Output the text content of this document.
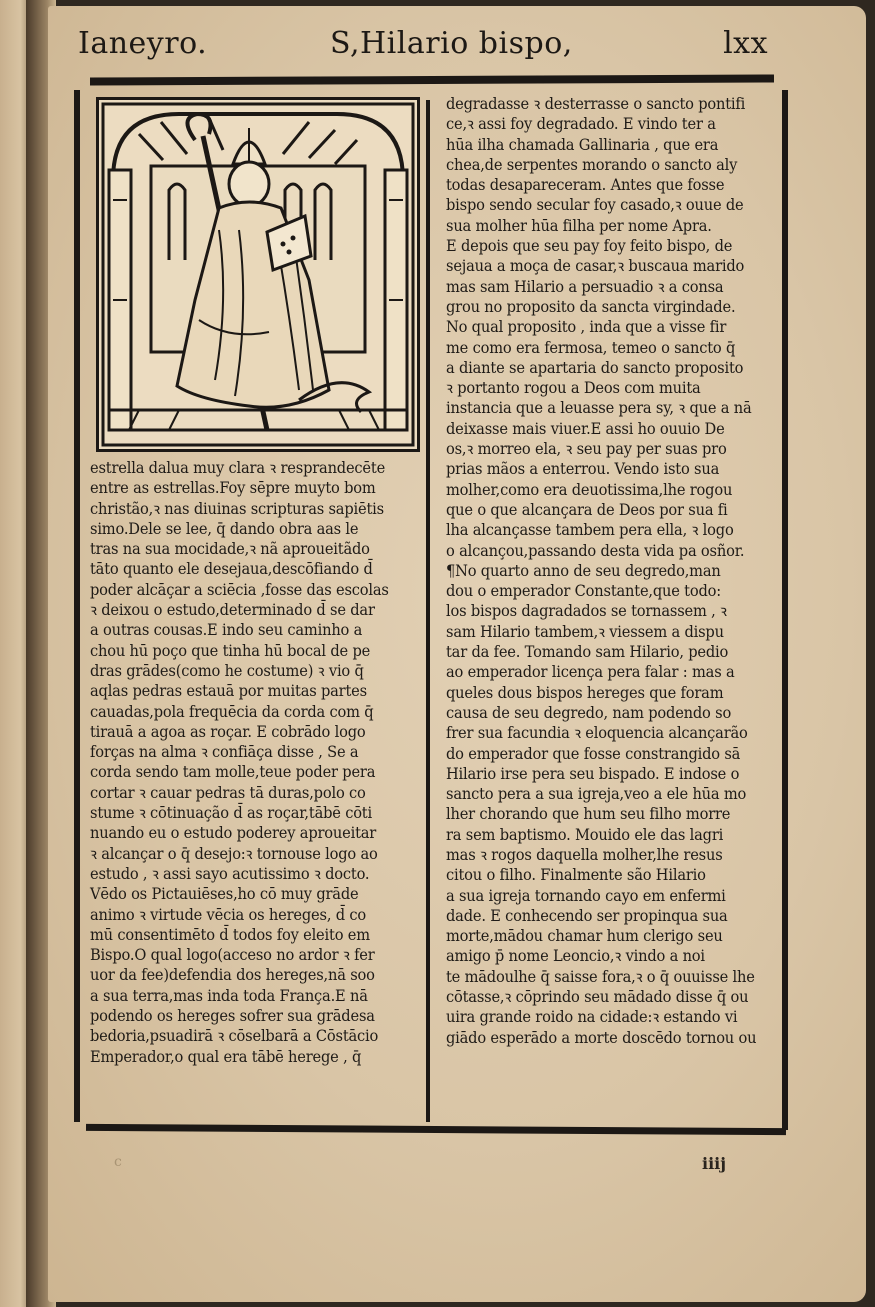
Ianeyro.	S,Hilario bispo,	lxx
estrella dalua muy clara ꝛ resprandecēte
entre as estrellas.Foy sēpre muyto bom
christão,ꝛ nas diuinas scripturas sapiētis
simo.Dele se lee, q̄ dando obra aas le
tras na sua mocidade,ꝛ nã aproueitãdo
tāto quanto ele desejaua,descōfiando d̄
poder alcāçar a sciēcia ,fosse das escolas
ꝛ deixou o estudo,determinado d̄ se dar
a outras cousas.E indo seu caminho a
chou hū poço que tinha hū bocal de pe
dras grādes(como he costume) ꝛ vio q̄
aqlas pedras estauā por muitas partes
cauadas,pola frequēcia da corda com q̄
tirauā a agoa as roçar. E cobrādo logo
forças na alma ꝛ confiāça disse , Se a
corda sendo tam molle,teue poder pera
cortar ꝛ cauar pedras tā duras,polo co
stume ꝛ cōtinuação d̄ as roçar,tābē cōti
nuando eu o estudo poderey aproueitar
ꝛ alcançar o q̄ desejo:ꝛ tornouse logo ao
estudo , ꝛ assi sayo acutissimo ꝛ docto.
Vēdo os Pictauiēses,ho cō muy grāde
animo ꝛ virtude vēcia os hereges, d̄ co
mū consentimēto d̄ todos foy eleito em
Bispo.O qual logo(acceso no ardor ꝛ fer
uor da fee)defendia dos hereges,nā soo
a sua terra,mas inda toda França.E nā
podendo os hereges sofrer sua grādesa
bedoria,psuadirā ꝛ cōselbarā a Cōstācio
Emperador,o qual era tābē herege , q̄
degradasse ꝛ desterrasse o sancto pontifi
ce,ꝛ assi foy degradado. E vindo ter a
hūa ilha chamada Gallinaria , que era
chea,de serpentes morando o sancto aly
todas desapareceram. Antes que fosse
bispo sendo secular foy casado,ꝛ ouue de
sua molher hūa filha per nome Apra.
E depois que seu pay foy feito bispo, de
sejaua a moça de casar,ꝛ buscaua marido
mas sam Hilario a persuadio ꝛ a consa
grou no proposito da sancta virgindade.
No qual proposito , inda que a visse fir
me como era fermosa, temeo o sancto q̄
a diante se apartaria do sancto proposito
ꝛ portanto rogou a Deos com muita
instancia que a leuasse pera sy, ꝛ que a nā
deixasse mais viuer.E assi ho ouuio De
os,ꝛ morreo ela, ꝛ seu pay per suas pro
prias mãos a enterrou. Vendo isto sua
molher,como era deuotissima,lhe rogou
que o que alcançara de Deos por sua fi
lha alcançasse tambem pera ella, ꝛ logo
o alcançou,passando desta vida pa osñor.
¶No quarto anno de seu degredo,man
dou o emperador Constante,que todo:
los bispos dagradados se tornassem , ꝛ
sam Hilario tambem,ꝛ viessem a dispu
tar da fee. Tomando sam Hilario, pedio
ao emperador licença pera falar : mas a
queles dous bispos hereges que foram
causa de seu degredo, nam podendo so
frer sua facundia ꝛ eloquencia alcançarão
do emperador que fosse constrangido sā
Hilario irse pera seu bispado. E indose o
sancto pera a sua igreja,veo a ele hūa mo
lher chorando que hum seu filho morre
ra sem baptismo. Mouido ele das lagri
mas ꝛ rogos daquella molher,lhe resus
citou o filho. Finalmente são Hilario
a sua igreja tornando cayo em enfermi
dade. E conhecendo ser propinqua sua
morte,mādou chamar hum clerigo seu
amigo p̄ nome Leoncio,ꝛ vindo a noi
te mādoulhe q̄ saisse fora,ꝛ o q̄ ouuisse lhe
cōtasse,ꝛ cōprindo seu mādado disse q̄ ou
uira grande roido na cidade:ꝛ estando vi
giādo esperādo a morte doscēdo tornou ou
c	iiij
